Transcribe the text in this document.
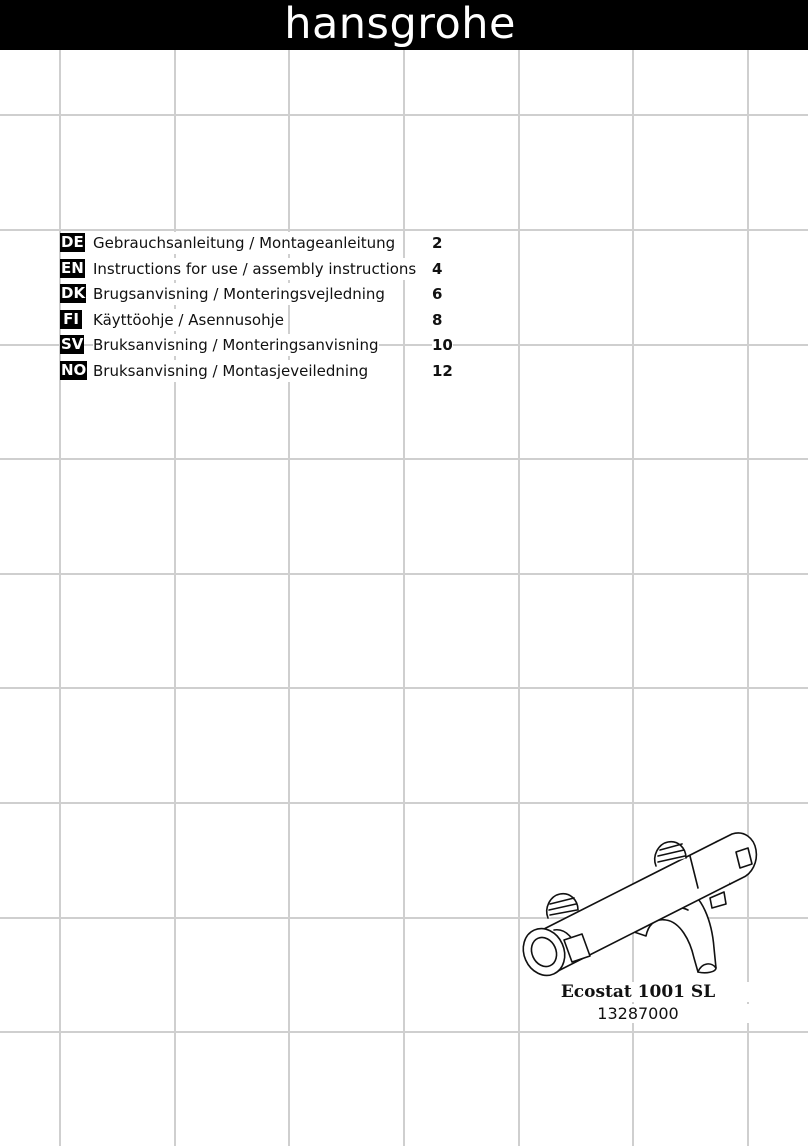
hansgrohe
DE Gebrauchsanleitung / Montageanleitung 2
EN Instructions for use / assembly instructions 4
DK Brugsanvisning / Monteringsvejledning	6
FI Käyttöohje / Asennusohje	8
SV Bruksanvisning / Monteringsanvisning	10
NO Bruksanvisning / Montasjeveiledning	12
Ecostat 1001 SL
13287000
